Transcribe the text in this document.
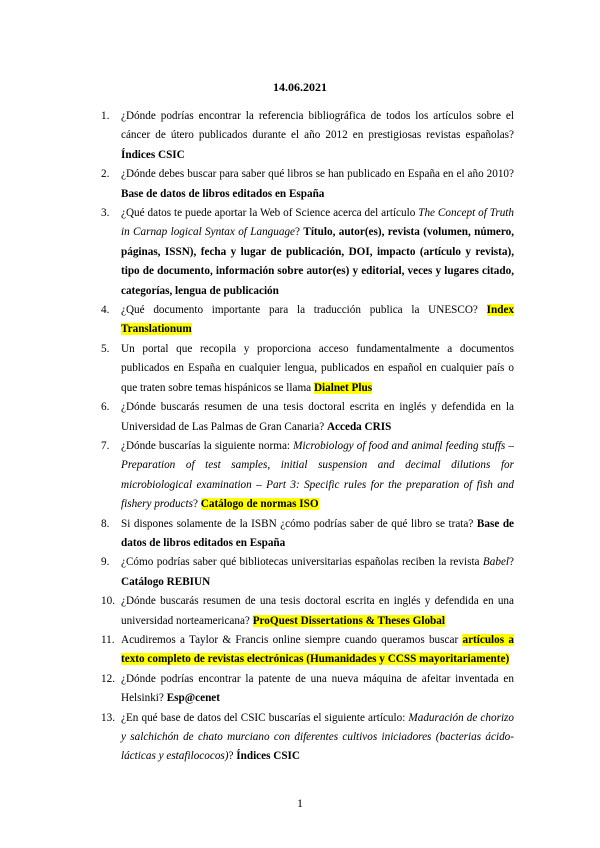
14.06.2021
1. ¿Dónde podrías encontrar la referencia bibliográfica de todos los artículos sobre el cáncer de útero publicados durante el año 2012 en prestigiosas revistas españolas? Índices CSIC
2. ¿Dónde debes buscar para saber qué libros se han publicado en España en el año 2010? Base de datos de libros editados en España
3. ¿Qué datos te puede aportar la Web of Science acerca del artículo The Concept of Truth in Carnap logical Syntax of Language? Título, autor(es), revista (volumen, número, páginas, ISSN), fecha y lugar de publicación, DOI, impacto (artículo y revista), tipo de documento, información sobre autor(es) y editorial, veces y lugares citado, categorías, lengua de publicación
4. ¿Qué documento importante para la traducción publica la UNESCO? Index Translationum
5. Un portal que recopila y proporciona acceso fundamentalmente a documentos publicados en España en cualquier lengua, publicados en español en cualquier país o que traten sobre temas hispánicos se llama Dialnet Plus
6. ¿Dónde buscarás resumen de una tesis doctoral escrita en inglés y defendida en la Universidad de Las Palmas de Gran Canaria? Acceda CRIS
7. ¿Dónde buscarías la siguiente norma: Microbiology of food and animal feeding stuffs – Preparation of test samples, initial suspension and decimal dilutions for microbiological examination – Part 3: Specific rules for the preparation of fish and fishery products? Catálogo de normas ISO
8. Si dispones solamente de la ISBN ¿cómo podrías saber de qué libro se trata? Base de datos de libros editados en España
9. ¿Cómo podrías saber qué bibliotecas universitarias españolas reciben la revista Babel? Catálogo REBIUN
10. ¿Dónde buscarás resumen de una tesis doctoral escrita en inglés y defendida en una universidad norteamericana? ProQuest Dissertations & Theses Global
11. Acudiremos a Taylor & Francis online siempre cuando queramos buscar artículos a texto completo de revistas electrónicas (Humanidades y CCSS mayoritariamente)
12. ¿Dónde podrías encontrar la patente de una nueva máquina de afeitar inventada en Helsinki? Esp@cenet
13. ¿En qué base de datos del CSIC buscarías el siguiente artículo: Maduración de chorizo y salchichón de chato murciano con diferentes cultivos iniciadores (bacterias ácido-lácticas y estafilococos)? Índices CSIC
1
